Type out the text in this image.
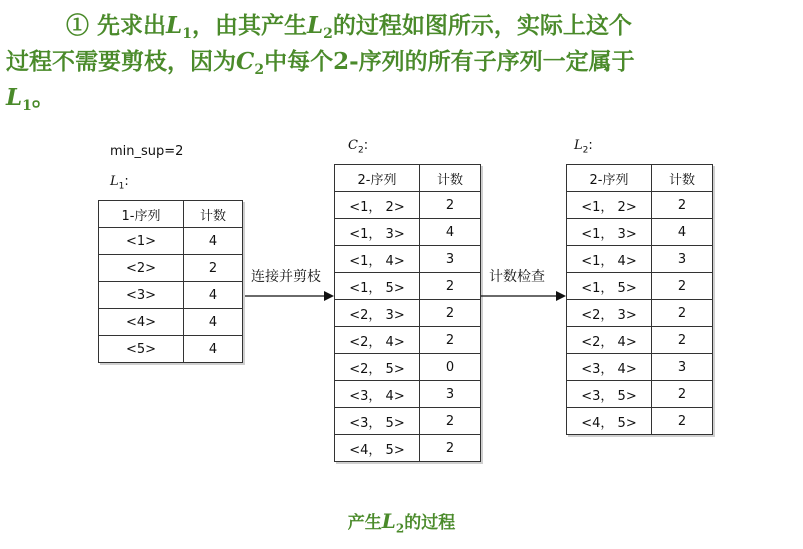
① 先求出$L_1$，由其产生$L_2$的过程如图所示，实际上这个
过程不需要剪枝，因为$C_2$中每个2-序列的所有子序列一定属于
$L_1$。
min_sup=2
$L_1$:
$C_2$:	$L_2$:
1-序列	计数
<1>	4
<2>	2
<3>	4
<4>	4
<5>	4
2-序列	计数
<1， 2>	2
<1， 3>	4
<1， 4>	3
<1， 5>	2
<2， 3>	2
<2， 4>	2
<2， 5>	0
<3， 4>	3
<3， 5>	2
<4， 5>	2
2-序列	计数
<1， 2>	2
<1， 3>	4
<1， 4>	3
<1， 5>	2
<2， 3>	2
<2， 4>	2
<3， 4>	3
<3， 5>	2
<4， 5>	2
连接并剪枝	计数检查
产生$L_2$的过程
